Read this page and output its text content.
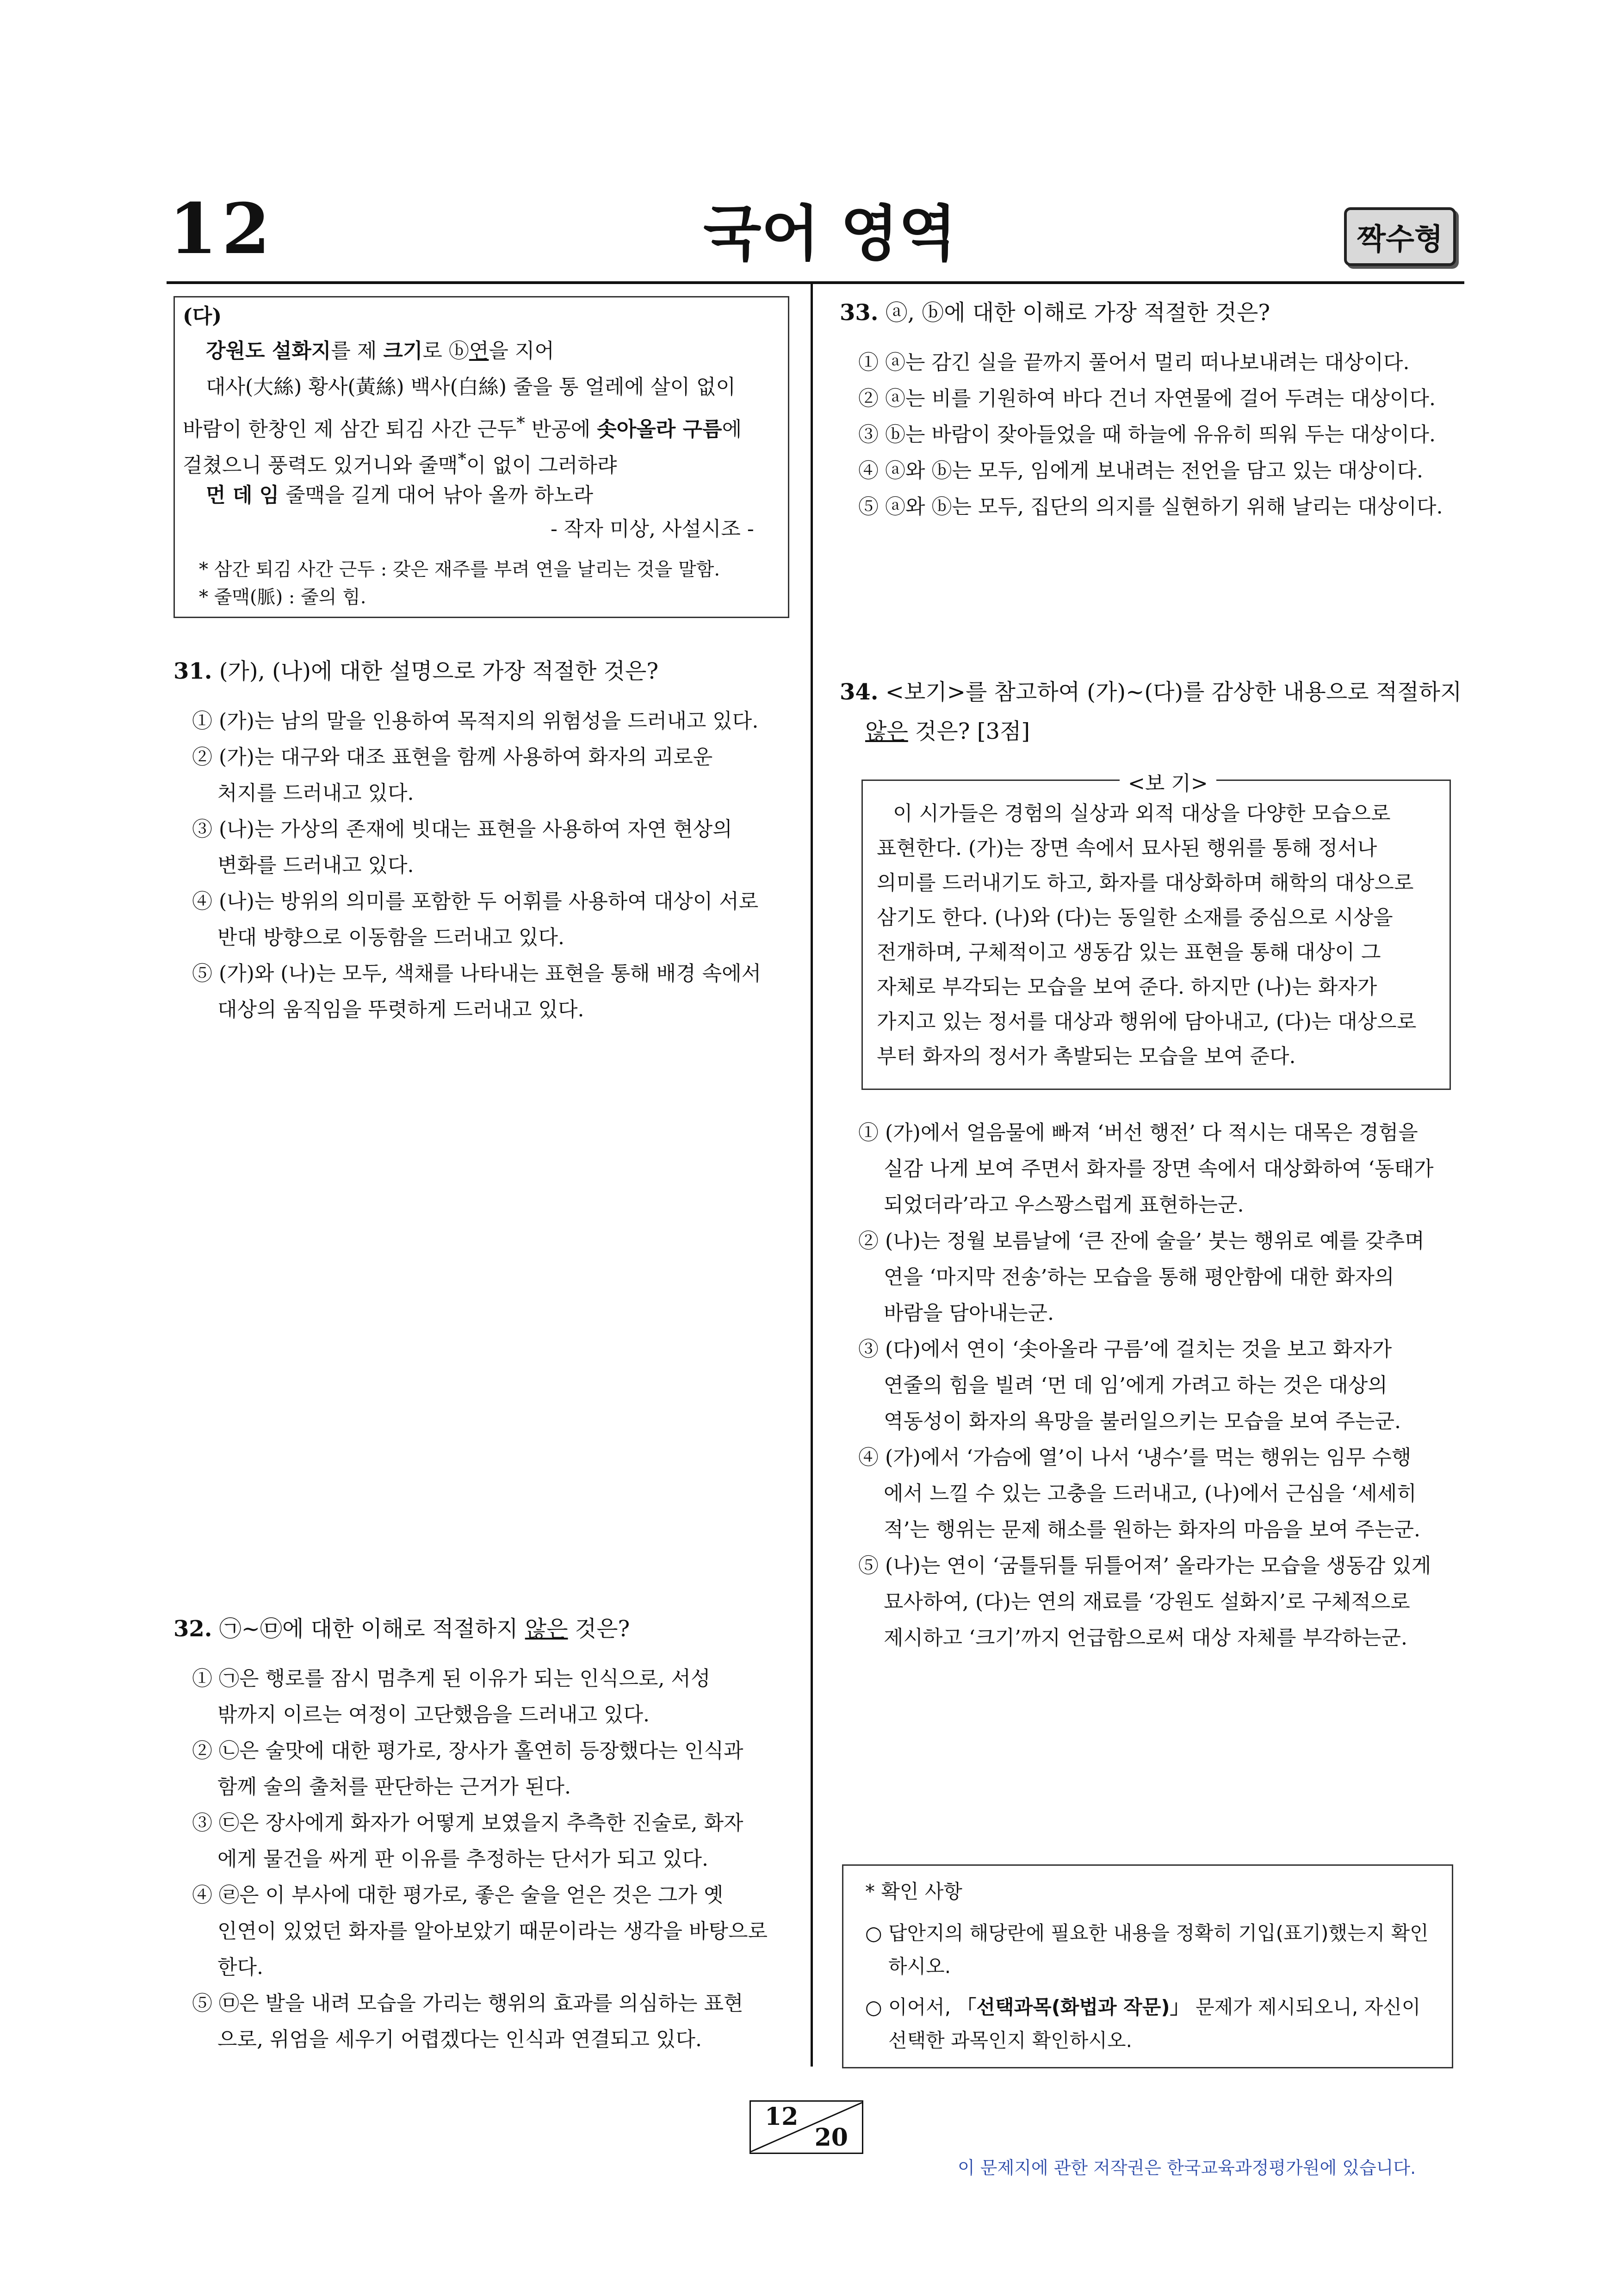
12	국어 영역	짝수형
(다)
강원도 설화지를 제 크기로 ⓑ연을 지어
대사(大絲) 황사(黃絲) 백사(白絲) 줄을 통 얼레에 살이 없이
바람이 한창인 제 삼간 퇴김 사간 근두* 반공에 솟아올라 구름에
걸쳤으니 풍력도 있거니와 줄맥*이 없이 그러하랴
먼 데 임 줄맥을 길게 대어 낚아 올까 하노라
- 작자 미상, 사설시조 -
* 삼간 퇴김 사간 근두 : 갖은 재주를 부려 연을 날리는 것을 말함.
* 줄맥(脈) : 줄의 힘.
31. (가), (나)에 대한 설명으로 가장 적절한 것은?
① (가)는 남의 말을 인용하여 목적지의 위험성을 드러내고 있다.
② (가)는 대구와 대조 표현을 함께 사용하여 화자의 괴로운
처지를 드러내고 있다.
③ (나)는 가상의 존재에 빗대는 표현을 사용하여 자연 현상의
변화를 드러내고 있다.
④ (나)는 방위의 의미를 포함한 두 어휘를 사용하여 대상이 서로
반대 방향으로 이동함을 드러내고 있다.
⑤ (가)와 (나)는 모두, 색채를 나타내는 표현을 통해 배경 속에서
대상의 움직임을 뚜렷하게 드러내고 있다.
32. ㉠~㉤에 대한 이해로 적절하지 않은 것은?
① ㉠은 행로를 잠시 멈추게 된 이유가 되는 인식으로, 서성
밖까지 이르는 여정이 고단했음을 드러내고 있다.
② ㉡은 술맛에 대한 평가로, 장사가 홀연히 등장했다는 인식과
함께 술의 출처를 판단하는 근거가 된다.
③ ㉢은 장사에게 화자가 어떻게 보였을지 추측한 진술로, 화자
에게 물건을 싸게 판 이유를 추정하는 단서가 되고 있다.
④ ㉣은 이 부사에 대한 평가로, 좋은 술을 얻은 것은 그가 옛
인연이 있었던 화자를 알아보았기 때문이라는 생각을 바탕으로
한다.
⑤ ㉤은 발을 내려 모습을 가리는 행위의 효과를 의심하는 표현
으로, 위엄을 세우기 어렵겠다는 인식과 연결되고 있다.
33. ⓐ, ⓑ에 대한 이해로 가장 적절한 것은?
① ⓐ는 감긴 실을 끝까지 풀어서 멀리 떠나보내려는 대상이다.
② ⓐ는 비를 기원하여 바다 건너 자연물에 걸어 두려는 대상이다.
③ ⓑ는 바람이 잦아들었을 때 하늘에 유유히 띄워 두는 대상이다.
④ ⓐ와 ⓑ는 모두, 임에게 보내려는 전언을 담고 있는 대상이다.
⑤ ⓐ와 ⓑ는 모두, 집단의 의지를 실현하기 위해 날리는 대상이다.
34. <보기>를 참고하여 (가)~(다)를 감상한 내용으로 적절하지
않은 것은? [3점]
<보 기>
이 시가들은 경험의 실상과 외적 대상을 다양한 모습으로
표현한다. (가)는 장면 속에서 묘사된 행위를 통해 정서나
의미를 드러내기도 하고, 화자를 대상화하며 해학의 대상으로
삼기도 한다. (나)와 (다)는 동일한 소재를 중심으로 시상을
전개하며, 구체적이고 생동감 있는 표현을 통해 대상이 그
자체로 부각되는 모습을 보여 준다. 하지만 (나)는 화자가
가지고 있는 정서를 대상과 행위에 담아내고, (다)는 대상으로
부터 화자의 정서가 촉발되는 모습을 보여 준다.
① (가)에서 얼음물에 빠져 ‘버선 행전’ 다 적시는 대목은 경험을
실감 나게 보여 주면서 화자를 장면 속에서 대상화하여 ‘동태가
되었더라’라고 우스꽝스럽게 표현하는군.
② (나)는 정월 보름날에 ‘큰 잔에 술을’ 붓는 행위로 예를 갖추며
연을 ‘마지막 전송’하는 모습을 통해 평안함에 대한 화자의
바람을 담아내는군.
③ (다)에서 연이 ‘솟아올라 구름’에 걸치는 것을 보고 화자가
연줄의 힘을 빌려 ‘먼 데 임’에게 가려고 하는 것은 대상의
역동성이 화자의 욕망을 불러일으키는 모습을 보여 주는군.
④ (가)에서 ‘가슴에 열’이 나서 ‘냉수’를 먹는 행위는 임무 수행
에서 느낄 수 있는 고충을 드러내고, (나)에서 근심을 ‘세세히
적’는 행위는 문제 해소를 원하는 화자의 마음을 보여 주는군.
⑤ (나)는 연이 ‘굼틀뒤틀 뒤틀어져’ 올라가는 모습을 생동감 있게
묘사하여, (다)는 연의 재료를 ‘강원도 설화지’로 구체적으로
제시하고 ‘크기’까지 언급함으로써 대상 자체를 부각하는군.
* 확인 사항
○ 답안지의 해당란에 필요한 내용을 정확히 기입(표기)했는지 확인
하시오.
○ 이어서, 「선택과목(화법과 작문)」 문제가 제시되오니, 자신이
선택한 과목인지 확인하시오.
12
20
이 문제지에 관한 저작권은 한국교육과정평가원에 있습니다.
